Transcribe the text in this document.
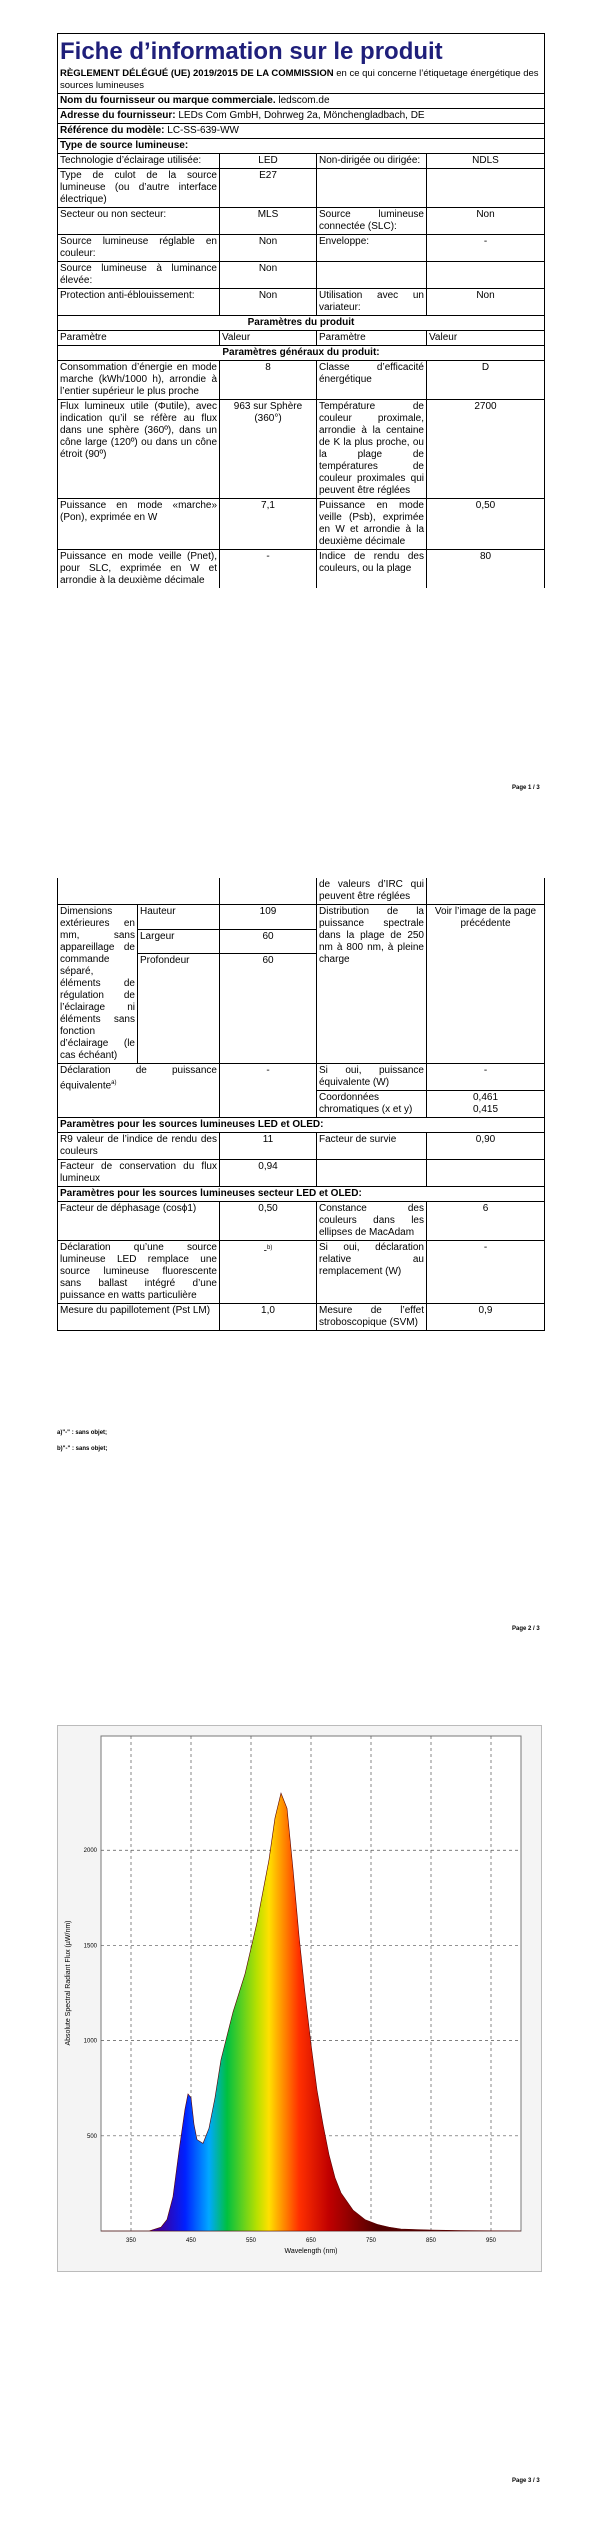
Fiche d’information sur le produit			
RÈGLEMENT DÉLÉGUÉ (UE) 2019/2015 DE LA COMMISSION en ce qui concerne l’étiquetage énergétique des sources lumineuses			
Nom du fournisseur ou marque commerciale. ledscom.de			
Adresse du fournisseur: LEDs Com GmbH, Dohrweg 2a, Mönchengladbach, DE			
Référence du modèle: LC-SS-639-WW			
Type de source lumineuse:			
Technologie d’éclairage utilisée:	LED	Non-dirigée ou dirigée:	NDLS
Type de culot de la source lumineuse (ou d’autre interface électrique)	E27		
Secteur ou non secteur:	MLS	Source lumineuse connectée (SLC):	Non
Source lumineuse réglable en couleur:	Non	Enveloppe:	-
Source lumineuse à luminance élevée:	Non		
Protection anti-éblouissement:	Non	Utilisation avec un variateur:	Non
Paramètres du produit			
Paramètre	Valeur	Paramètre	Valeur
Paramètres généraux du produit:			
Consommation d’énergie en mode marche (kWh/1000 h), arrondie à l’entier supérieur le plus proche	8	Classe d’efficacité énergétique	D
Flux lumineux utile (Φutile), avec indication qu’il se réfère au flux dans une sphère (360º), dans un cône large (120º) ou dans un cône étroit (90º)	963 sur Sphère (360°)	Température de couleur proximale, arrondie à la centaine de K la plus proche, ou la plage de températures de couleur proximales qui peuvent être réglées	2700
Puissance en mode «marche» (Pon), exprimée en W	7,1	Puissance en mode veille (Psb), exprimée en W et arrondie à la deuxième décimale	0,50
Puissance en mode veille (Pnet), pour SLC, exprimée en W et arrondie à la deuxième décimale	-	Indice de rendu des couleurs, ou la plage	80
Page 1 / 3
			de valeurs d’IRC qui peuvent être réglées	
Dimensions extérieures en mm, sans appareillage de commande séparé, éléments de régulation de l’éclairage ni éléments sans fonction d’éclairage (le cas échéant)	Hauteur	109	Distribution de la puissance spectrale dans la plage de 250 nm à 800 nm, à pleine charge	Voir l’image de la page précédente
	Largeur	60		
	Profondeur	60		
Déclaration de puissance équivalente$^{a)}$		-	Si oui, puissance équivalente (W)	-
			Coordonnées chromatiques (x et y)	0,461
0,415

Paramètres pour les sources lumineuses LED et OLED:				
R9 valeur de l’indice de rendu des couleurs		11	Facteur de survie	0,90
Facteur de conservation du flux lumineux		0,94		
Paramètres pour les sources lumineuses secteur LED et OLED:				
Facteur de déphasage (cosϕ1)		0,50	Constance des couleurs dans les ellipses de MacAdam	6
Déclaration qu’une source lumineuse LED remplace une source lumineuse fluorescente sans ballast intégré d’une puissance en watts particulière		-$^{b)}$	Si oui, déclaration relative au remplacement (W)	-
Mesure du papillotement (Pst LM)		1,0	Mesure de l’effet stroboscopique (SVM)	0,9
a)"-" : sans objet;
b)"-" : sans objet;
Page 2 / 3
350	450	550	650	750	850	950
500
1000
1500
2000
Wavelength (nm)
Absolute Spectral Radiant Flux (µW/nm)
Page 3 / 3
